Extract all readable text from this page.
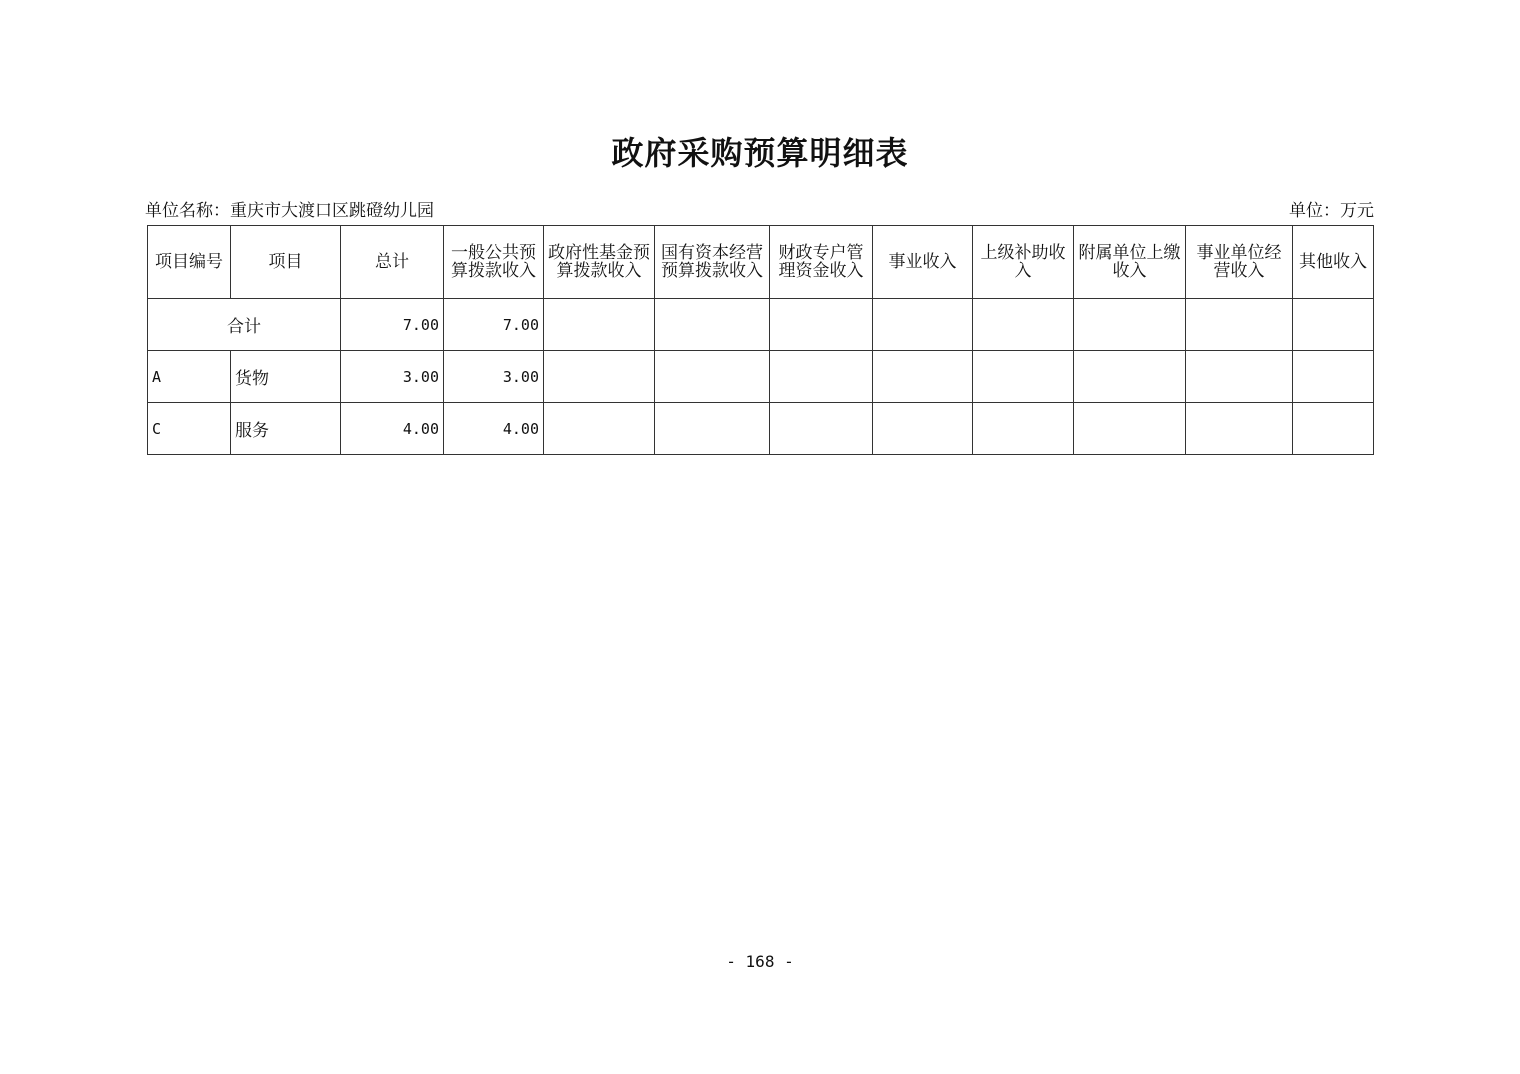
政府采购预算明细表
单位名称：重庆市大渡口区跳磴幼儿园	单位：万元
项目编号	项目	总计	一般公共预算拨款收入	政府性基金预算拨款收入	国有资本经营预算拨款收入	财政专户管理资金收入	事业收入	上级补助收入	附属单位上缴收入	事业单位经营收入	其他收入
合计		7.00	7.00								
A	货物	3.00	3.00								
C	服务	4.00	4.00								
- 168 -
